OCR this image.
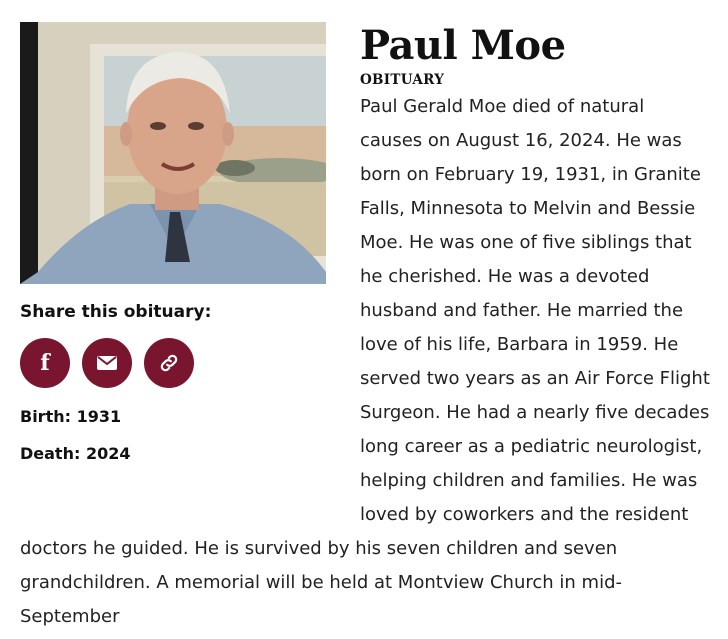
Share this obituary:
f
Birth: 1931
Death: 2024
Paul Moe
OBITUARY
Paul Gerald Moe died of natural causes on August 16, 2024. He was born on February 19, 1931, in Granite Falls, Minnesota to Melvin and Bessie Moe. He was one of five siblings that he cherished. He was a devoted husband and father. He married the love of his life, Barbara in 1959. He served two years as an Air Force Flight Surgeon. He had a nearly five decades long career as a pediatric neurologist, helping children and families. He was loved by coworkers and the resident doctors he guided. He is survived by his seven children and seven grandchildren. A memorial will be held at Montview Church in mid-September
